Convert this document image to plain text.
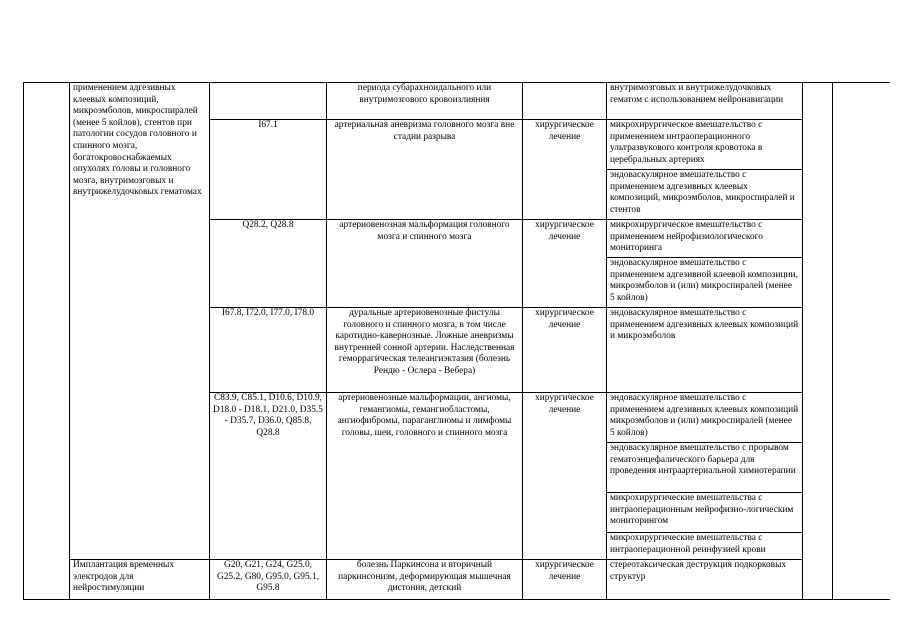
	применением адгезивных клеевых композиций, микроэмболов, микроспиралей (менее 5 койлов), стентов при патологии сосудов головного и спинного мозга, богатокровоснабжаемых опухолях головы и головного мозга, внутримозговых и внутрижелудочковых гематомах		периода субарахноидального или внутримозгового кровоизлияния		внутримозговых и внутрижелудочковых гематом с использованием нейронавигации		
		I67.1	артериальная аневризма головного мозга вне стадии разрыва	хирургическое лечение	микрохирургическое вмешательство с применением интраоперационного ультразвукового контроля кровотока в церебральных артериях		
					эндоваскулярное вмешательство с применением адгезивных клеевых композиций, микроэмболов, микроспиралей и стентов		
		Q28.2, Q28.8	артериовенозная мальформация головного мозга и спинного мозга	хирургическое лечение	микрохирургическое вмешательство с применением нейрофизиологического мониторинга		
					эндоваскулярное вмешательство с применением адгезивной клеевой композиции, микроэмболов и (или) микроспиралей (менее 5 койлов)		
		I67.8, I72.0, I77.0, I78.0	дуральные артериовенозные фистулы головного и спинного мозга, в том числе каротидно-кавернозные. Ложные аневризмы внутренней сонной артерии. Наследственная геморрагическая телеангиэктазия (болезнь Рендю - Ослера - Вебера)	хирургическое лечение	эндоваскулярное вмешательство с применением адгезивных клеевых композиций и микроэмболов		
		C83.9, C85.1, D10.6, D10.9, D18.0 - D18.1, D21.0, D35.5 - D35.7, D36.0, Q85.8, Q28.8	артериовенозные мальформации, ангиомы, гемангиомы, гемангиобластомы, ангиофибромы, параганглиомы и лимфомы головы, шеи, головного и спинного мозга	хирургическое лечение	эндоваскулярное вмешательство с применением адгезивных клеевых композиций микроэмболов и (или) микроспиралей (менее 5 койлов)		
					эндоваскулярное вмешательство с прорывом гематоэнцефалического барьера для проведения интраартериальной химиотерапии		
					микрохирургические вмешательства с интраоперационным нейрофизио-логическим мониторингом		
					микрохирургические вмешательства с интраоперационной реинфузией крови		
	Имплантация временных электродов для нейростимуляции	G20, G21, G24, G25.0, G25.2, G80, G95.0, G95.1, G95.8	болезнь Паркинсона и вторичный паркинсонизм, деформирующая мышечная дистония, детский	хирургическое лечение	стереотаксическая деструкция подкорковых структур		
